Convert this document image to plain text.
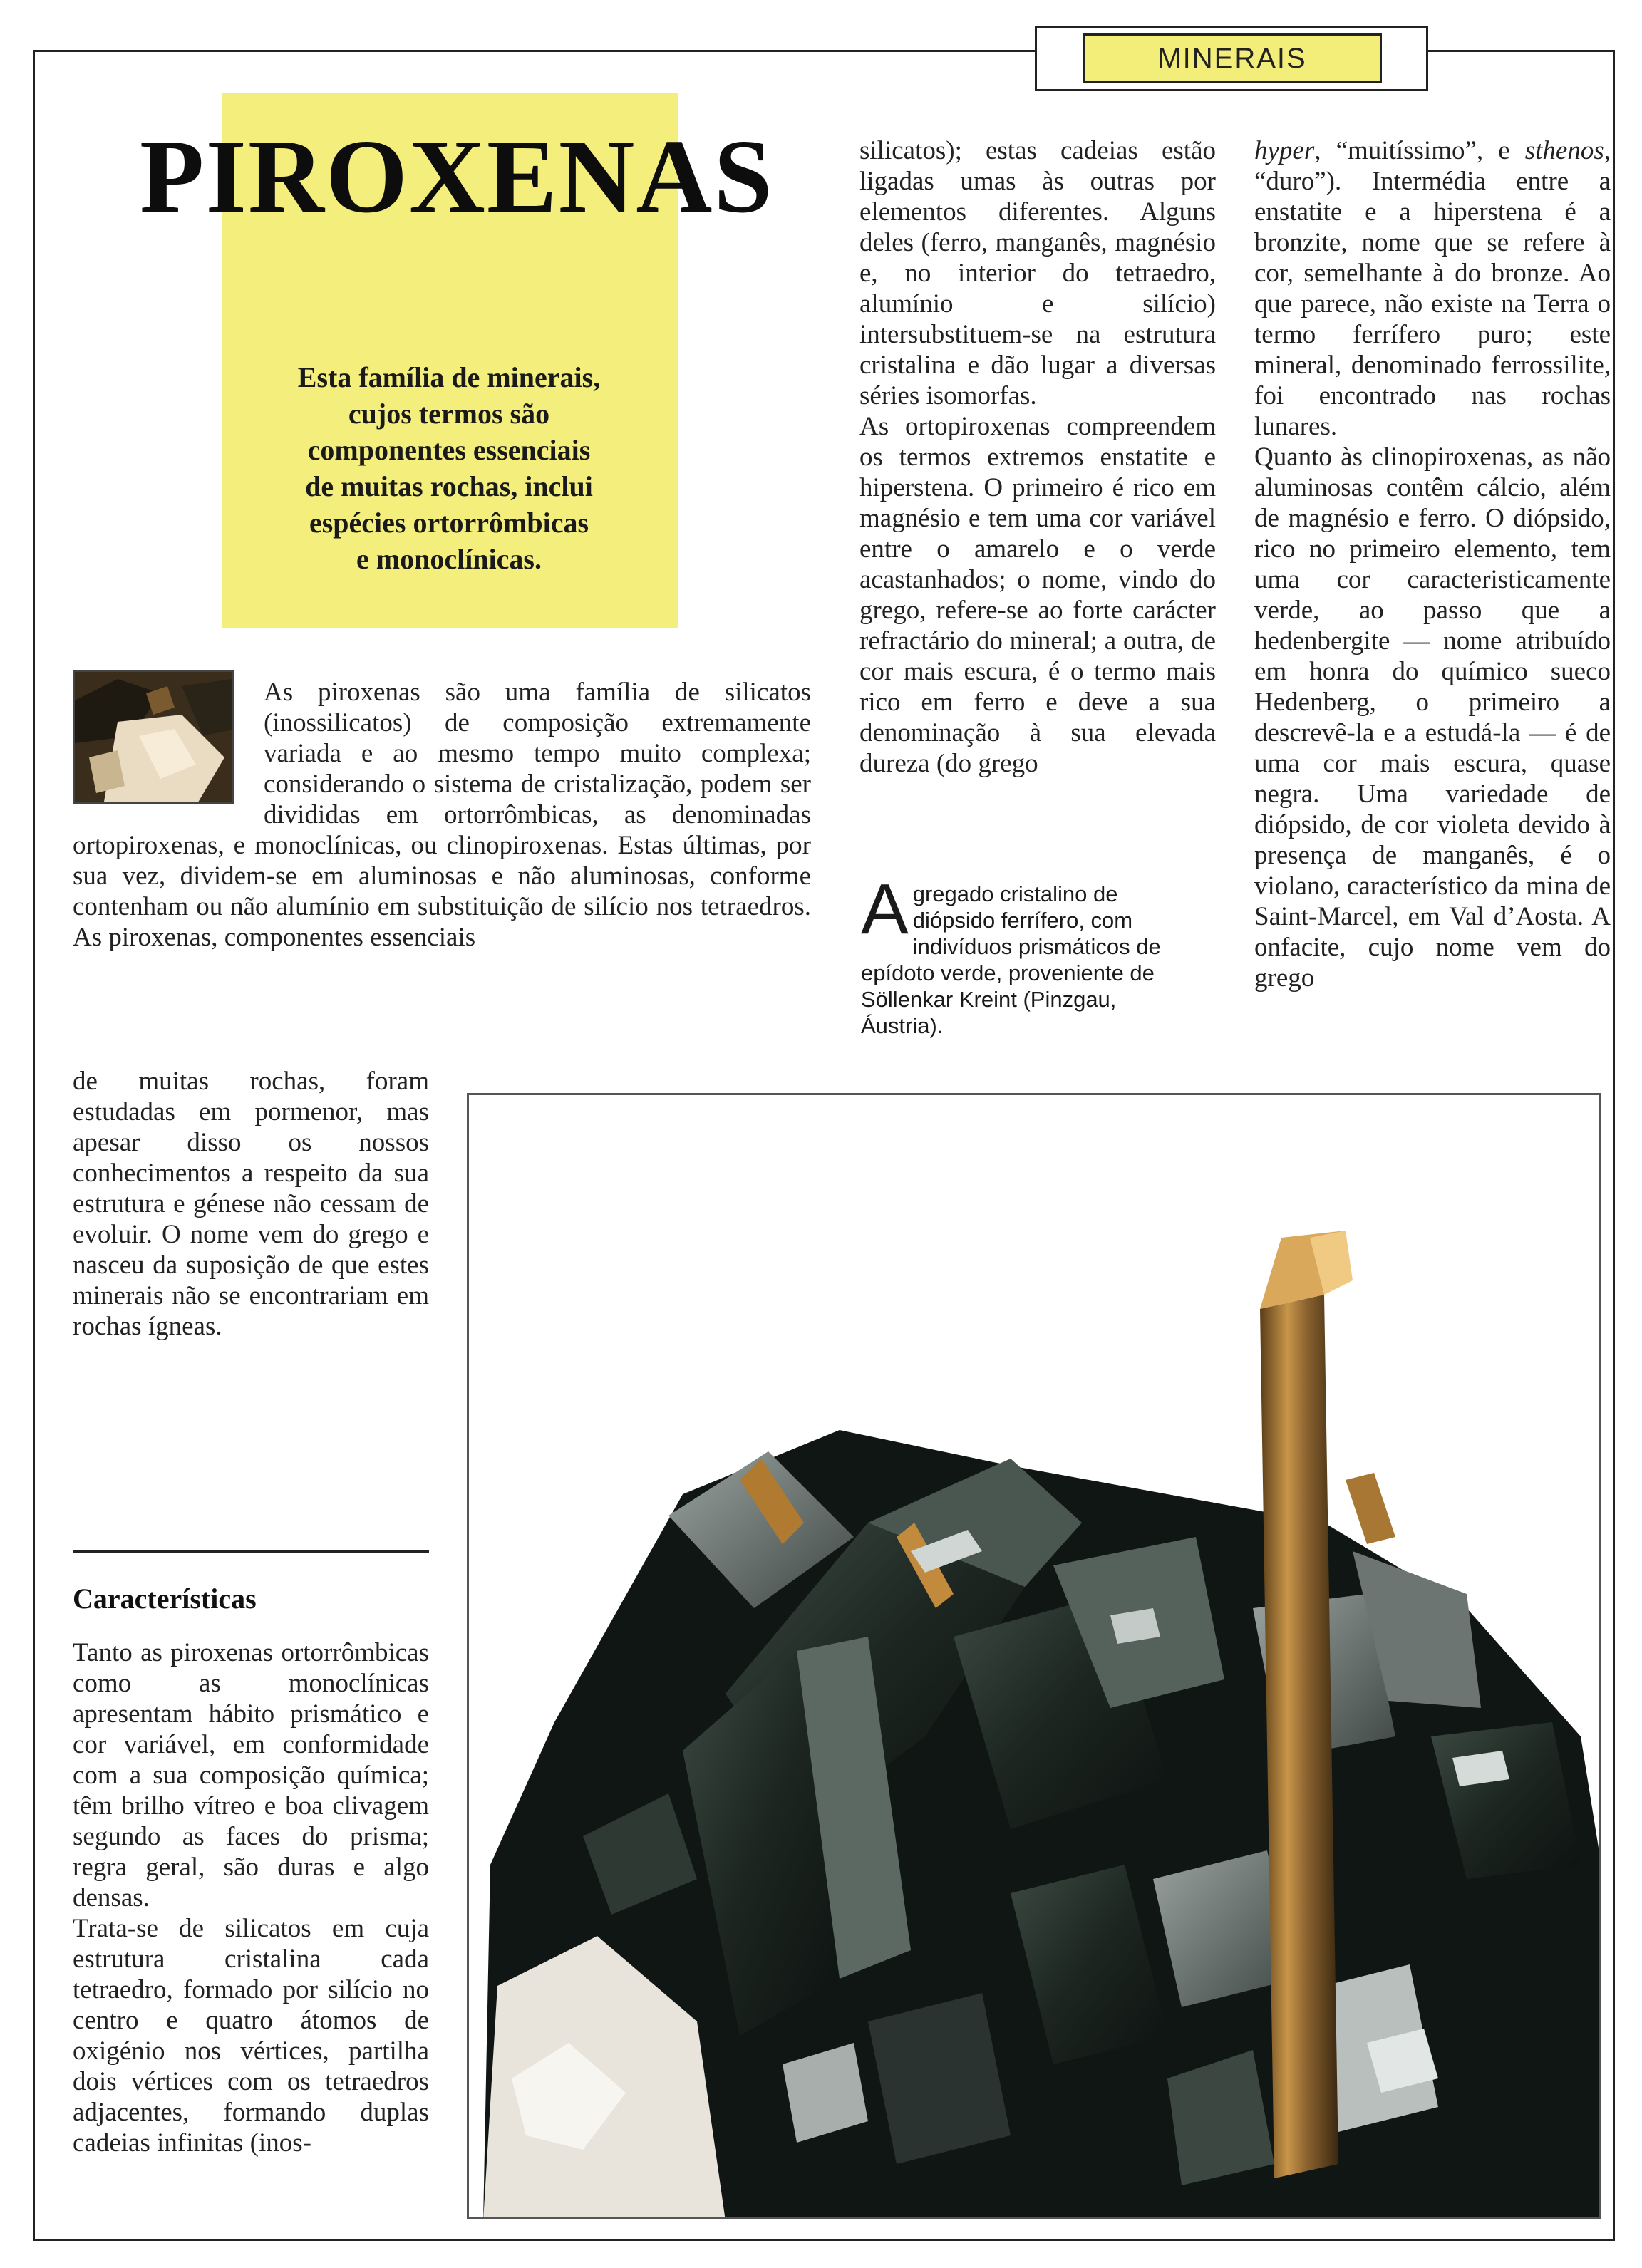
MINERAIS
PIROXENAS
Esta família de minerais,
cujos termos são
componentes essenciais
de muitas rochas, inclui
espécies ortorrômbicas
e monoclínicas.

As piroxenas são uma família de silicatos (inossilicatos) de composição extremamente variada e ao mesmo tempo muito complexa; considerando o sistema de cristalização, podem ser divididas em ortorrômbicas, as denominadas ortopiroxenas, e monoclínicas, ou clinopiroxenas. Estas últimas, por sua vez, dividem-se em aluminosas e não aluminosas, conforme contenham ou não alumínio em substituição de silício nos tetraedros. As piroxenas, componentes essenciais

de muitas rochas, foram estudadas em pormenor, mas apesar disso os nossos conhecimentos a respeito da sua estrutura e génese não cessam de evoluir. O nome vem do grego e nasceu da suposição de que estes minerais não se encontrariam em rochas ígneas.

Características

Tanto as piroxenas ortorrômbicas como as monoclínicas apresentam hábito prismático e cor variável, em conformidade com a sua composição química; têm brilho vítreo e boa clivagem segundo as faces do prisma; regra geral, são duras e algo densas.

Trata-se de silicatos em cuja estrutura cristalina cada tetraedro, formado por silício no centro e quatro átomos de oxigénio nos vértices, partilha dois vértices com os tetraedros adjacentes, formando duplas cadeias infinitas (inos-

silicatos); estas cadeias estão ligadas umas às outras por elementos diferentes. Alguns deles (ferro, manganês, magnésio e, no interior do tetraedro, alumínio e silício) intersubstituem-se na estrutura cristalina e dão lugar a diversas séries isomorfas.

As ortopiroxenas compreendem os termos extremos enstatite e hiperstena. O primeiro é rico em magnésio e tem uma cor variável entre o amarelo e o verde acastanhados; o nome, vindo do grego, refere-se ao forte carácter refractário do mineral; a outra, de cor mais escura, é o termo mais rico em ferro e deve a sua denominação à sua elevada dureza (do grego

A gregado cristalino de diópsido ferrífero, com indivíduos prismáticos de epídoto verde, proveniente de Söllenkar Kreint (Pinzgau, Áustria).

hyper, “muitíssimo”, e sthenos, “duro”). Intermédia entre a enstatite e a hiperstena é a bronzite, nome que se refere à cor, semelhante à do bronze. Ao que parece, não existe na Terra o termo ferrífero puro; este mineral, denominado ferrossilite, foi encontrado nas rochas lunares.

Quanto às clinopiroxenas, as não aluminosas contêm cálcio, além de magnésio e ferro. O diópsido, rico no primeiro elemento, tem uma cor caracteristicamente verde, ao passo que a hedenbergite — nome atribuído em honra do químico sueco Hedenberg, o primeiro a descrevê-la e a estudá-la — é de uma cor mais escura, quase negra. Uma variedade de diópsido, de cor violeta devido à presença de manganês, é o violano, característico da mina de Saint-Marcel, em Val d’Aosta. A onfacite, cujo nome vem do grego
